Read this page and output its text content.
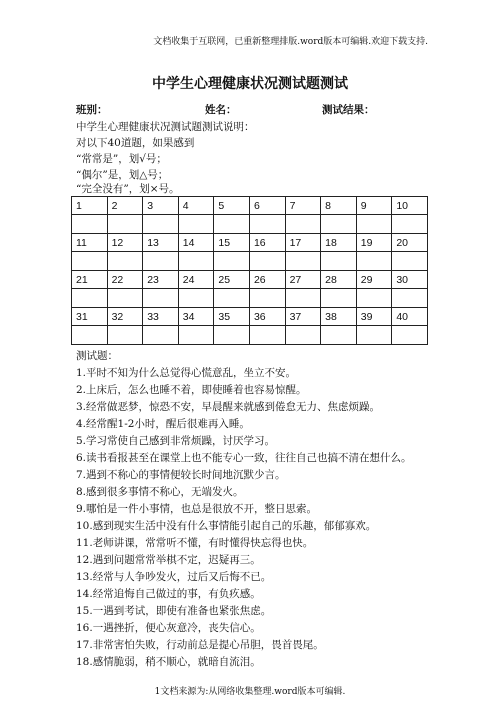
文档收集于互联网，已重新整理排版.word版本可编辑.欢迎下载支持.
中学生心理健康状况测试题测试
班别：	姓名：	测试结果：
中学生心理健康状况测试题测试说明：
对以下40道题，如果感到
“常常是”，划√号；
“偶尔”是，划△号；
“完全没有”，划×号。
1	2	3	4	5	6	7	8	9	10

11	12	13	14	15	16	17	18	19	20

21	22	23	24	25	26	27	28	29	30

31	32	33	34	35	36	37	38	39	40

测试题：
1.平时不知为什么总觉得心慌意乱，坐立不安。
2.上床后，怎么也睡不着，即使睡着也容易惊醒。
3.经常做恶梦，惊恐不安，早晨醒来就感到倦怠无力、焦虑烦躁。
4.经常醒1-2小时，醒后很难再入睡。
5.学习常使自己感到非常烦躁，讨厌学习。
6.读书看报甚至在课堂上也不能专心一致，往往自己也搞不清在想什么。
7.遇到不称心的事情便较长时间地沉默少言。
8.感到很多事情不称心，无端发火。
9.哪怕是一件小事情，也总是很放不开，整日思索。
10.感到现实生活中没有什么事情能引起自己的乐趣，郁郁寡欢。
11.老师讲课，常常听不懂，有时懂得快忘得也快。
12.遇到问题常常举棋不定，迟疑再三。
13.经常与人争吵发火，过后又后悔不已。
14.经常追悔自己做过的事，有负疚感。
15.一遇到考试，即使有准备也紧张焦虑。
16.一遇挫折，便心灰意冷，丧失信心。
17.非常害怕失败，行动前总是提心吊胆，畏首畏尾。
18.感情脆弱，稍不顺心，就暗自流泪。
1文档来源为:从网络收集整理.word版本可编辑.
